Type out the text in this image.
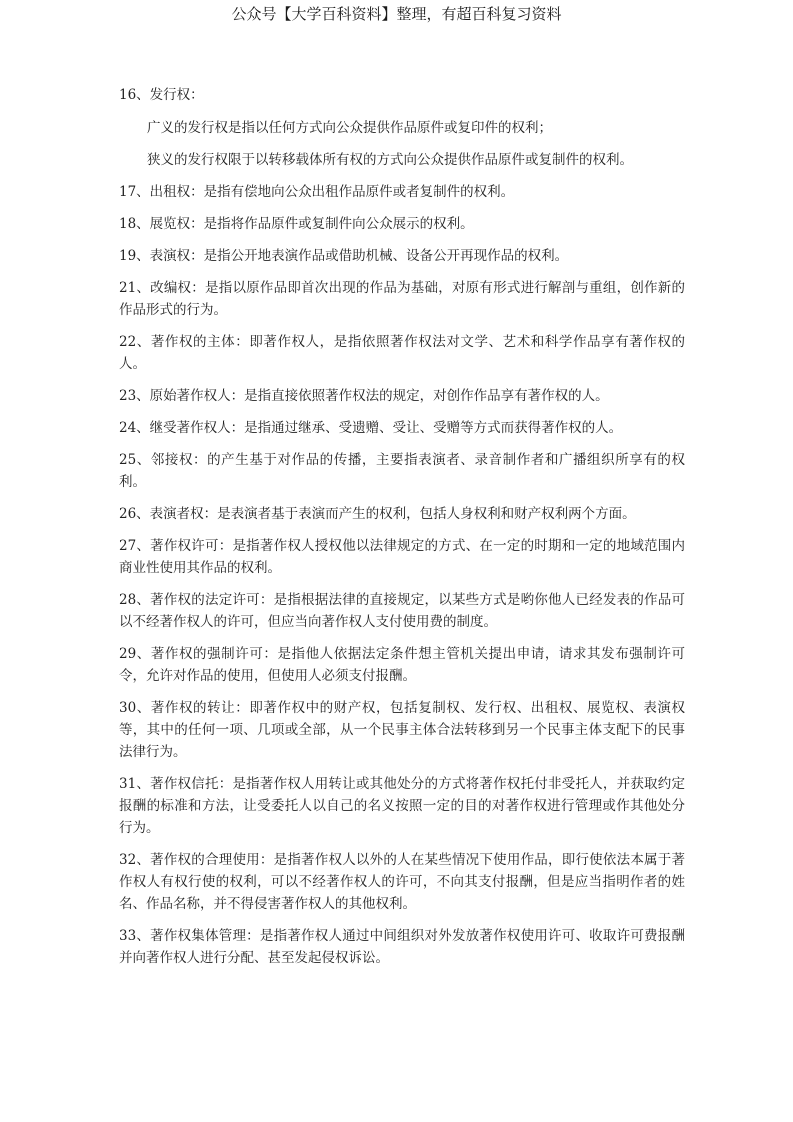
公众号【大学百科资料】整理，有超百科复习资料

16、发行权：

广义的发行权是指以任何方式向公众提供作品原件或复印件的权利；

狭义的发行权限于以转移载体所有权的方式向公众提供作品原件或复制件的权利。

17、出租权：是指有偿地向公众出租作品原件或者复制件的权利。

18、展览权：是指将作品原件或复制件向公众展示的权利。

19、表演权：是指公开地表演作品或借助机械、设备公开再现作品的权利。

21、改编权：是指以原作品即首次出现的作品为基础，对原有形式进行解剖与重组，创作新的作品形式的行为。

22、著作权的主体：即著作权人，是指依照著作权法对文学、艺术和科学作品享有著作权的人。

23、原始著作权人：是指直接依照著作权法的规定，对创作作品享有著作权的人。

24、继受著作权人：是指通过继承、受遗赠、受让、受赠等方式而获得著作权的人。

25、邻接权：的产生基于对作品的传播，主要指表演者、录音制作者和广播组织所享有的权利。

26、表演者权：是表演者基于表演而产生的权利，包括人身权利和财产权利两个方面。

27、著作权许可：是指著作权人授权他以法律规定的方式、在一定的时期和一定的地域范围内商业性使用其作品的权利。

28、著作权的法定许可：是指根据法律的直接规定，以某些方式是哟你他人已经发表的作品可以不经著作权人的许可，但应当向著作权人支付使用费的制度。

29、著作权的强制许可：是指他人依据法定条件想主管机关提出申请，请求其发布强制许可令，允许对作品的使用，但使用人必须支付报酬。

30、著作权的转让：即著作权中的财产权，包括复制权、发行权、出租权、展览权、表演权等，其中的任何一项、几项或全部，从一个民事主体合法转移到另一个民事主体支配下的民事法律行为。

31、著作权信托：是指著作权人用转让或其他处分的方式将著作权托付非受托人，并获取约定报酬的标准和方法，让受委托人以自己的名义按照一定的目的对著作权进行管理或作其他处分行为。

32、著作权的合理使用：是指著作权人以外的人在某些情况下使用作品，即行使依法本属于著作权人有权行使的权利，可以不经著作权人的许可，不向其支付报酬，但是应当指明作者的姓名、作品名称，并不得侵害著作权人的其他权利。

33、著作权集体管理：是指著作权人通过中间组织对外发放著作权使用许可、收取许可费报酬并向著作权人进行分配、甚至发起侵权诉讼。
